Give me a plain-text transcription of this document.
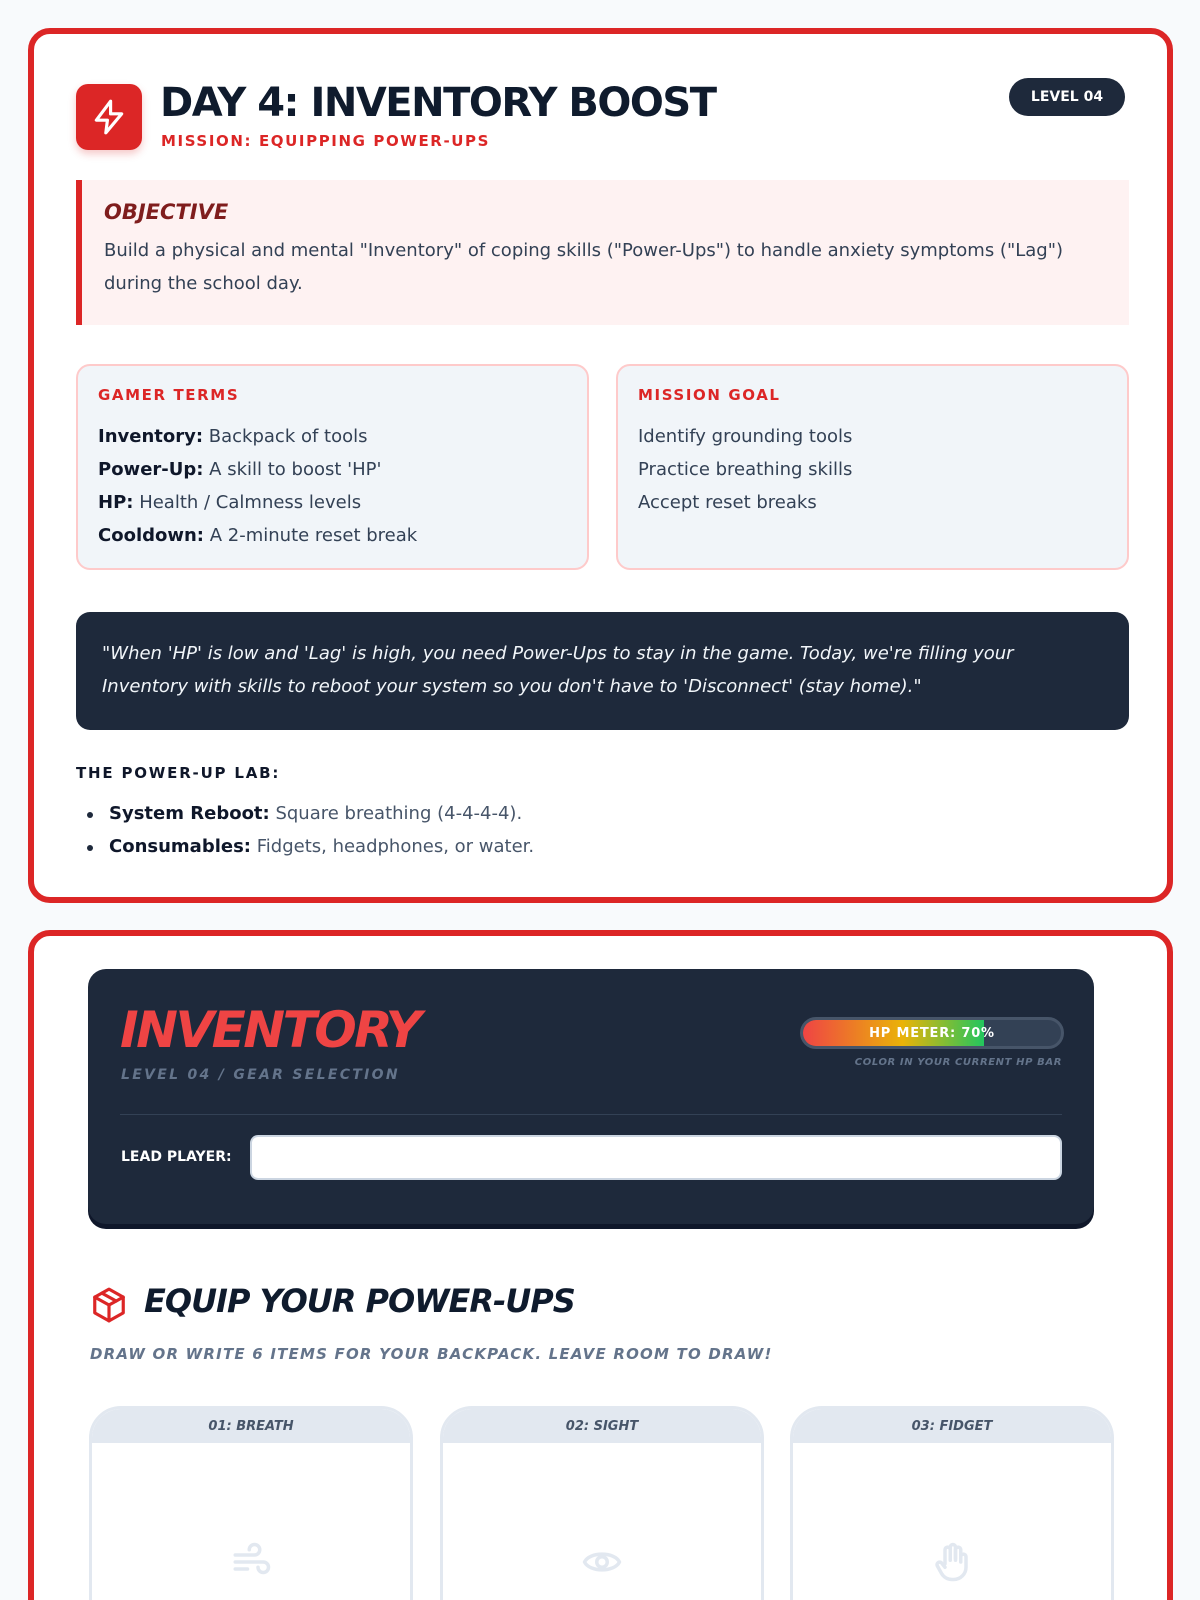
DAY 4: INVENTORY BOOST
MISSION: EQUIPPING POWER-UPS
LEVEL 04
OBJECTIVE

Build a physical and mental "Inventory" of coping skills ("Power-Ups") to handle anxiety symptoms ("Lag") during the school day.

GAMER TERMS
Inventory: Backpack of tools
Power-Up: A skill to boost 'HP'
HP: Health / Calmness levels
Cooldown: A 2-minute reset break
MISSION GOAL
Identify grounding tools
Practice breathing skills
Accept reset breaks
"When 'HP' is low and 'Lag' is high, you need Power-Ups to stay in the game. Today, we're filling your Inventory with skills to reboot your system so you don't have to 'Disconnect' (stay home)."
THE POWER-UP LAB:
System Reboot: Square breathing (4-4-4-4).
Consumables: Fidgets, headphones, or water.
INVENTORY
LEVEL 04 / GEAR SELECTION
HP METER: 70%
COLOR IN YOUR CURRENT HP BAR
LEAD PLAYER:
EQUIP YOUR POWER-UPS
DRAW OR WRITE 6 ITEMS FOR YOUR BACKPACK. LEAVE ROOM TO DRAW!
01: BREATH	02: SIGHT	03: FIDGET
